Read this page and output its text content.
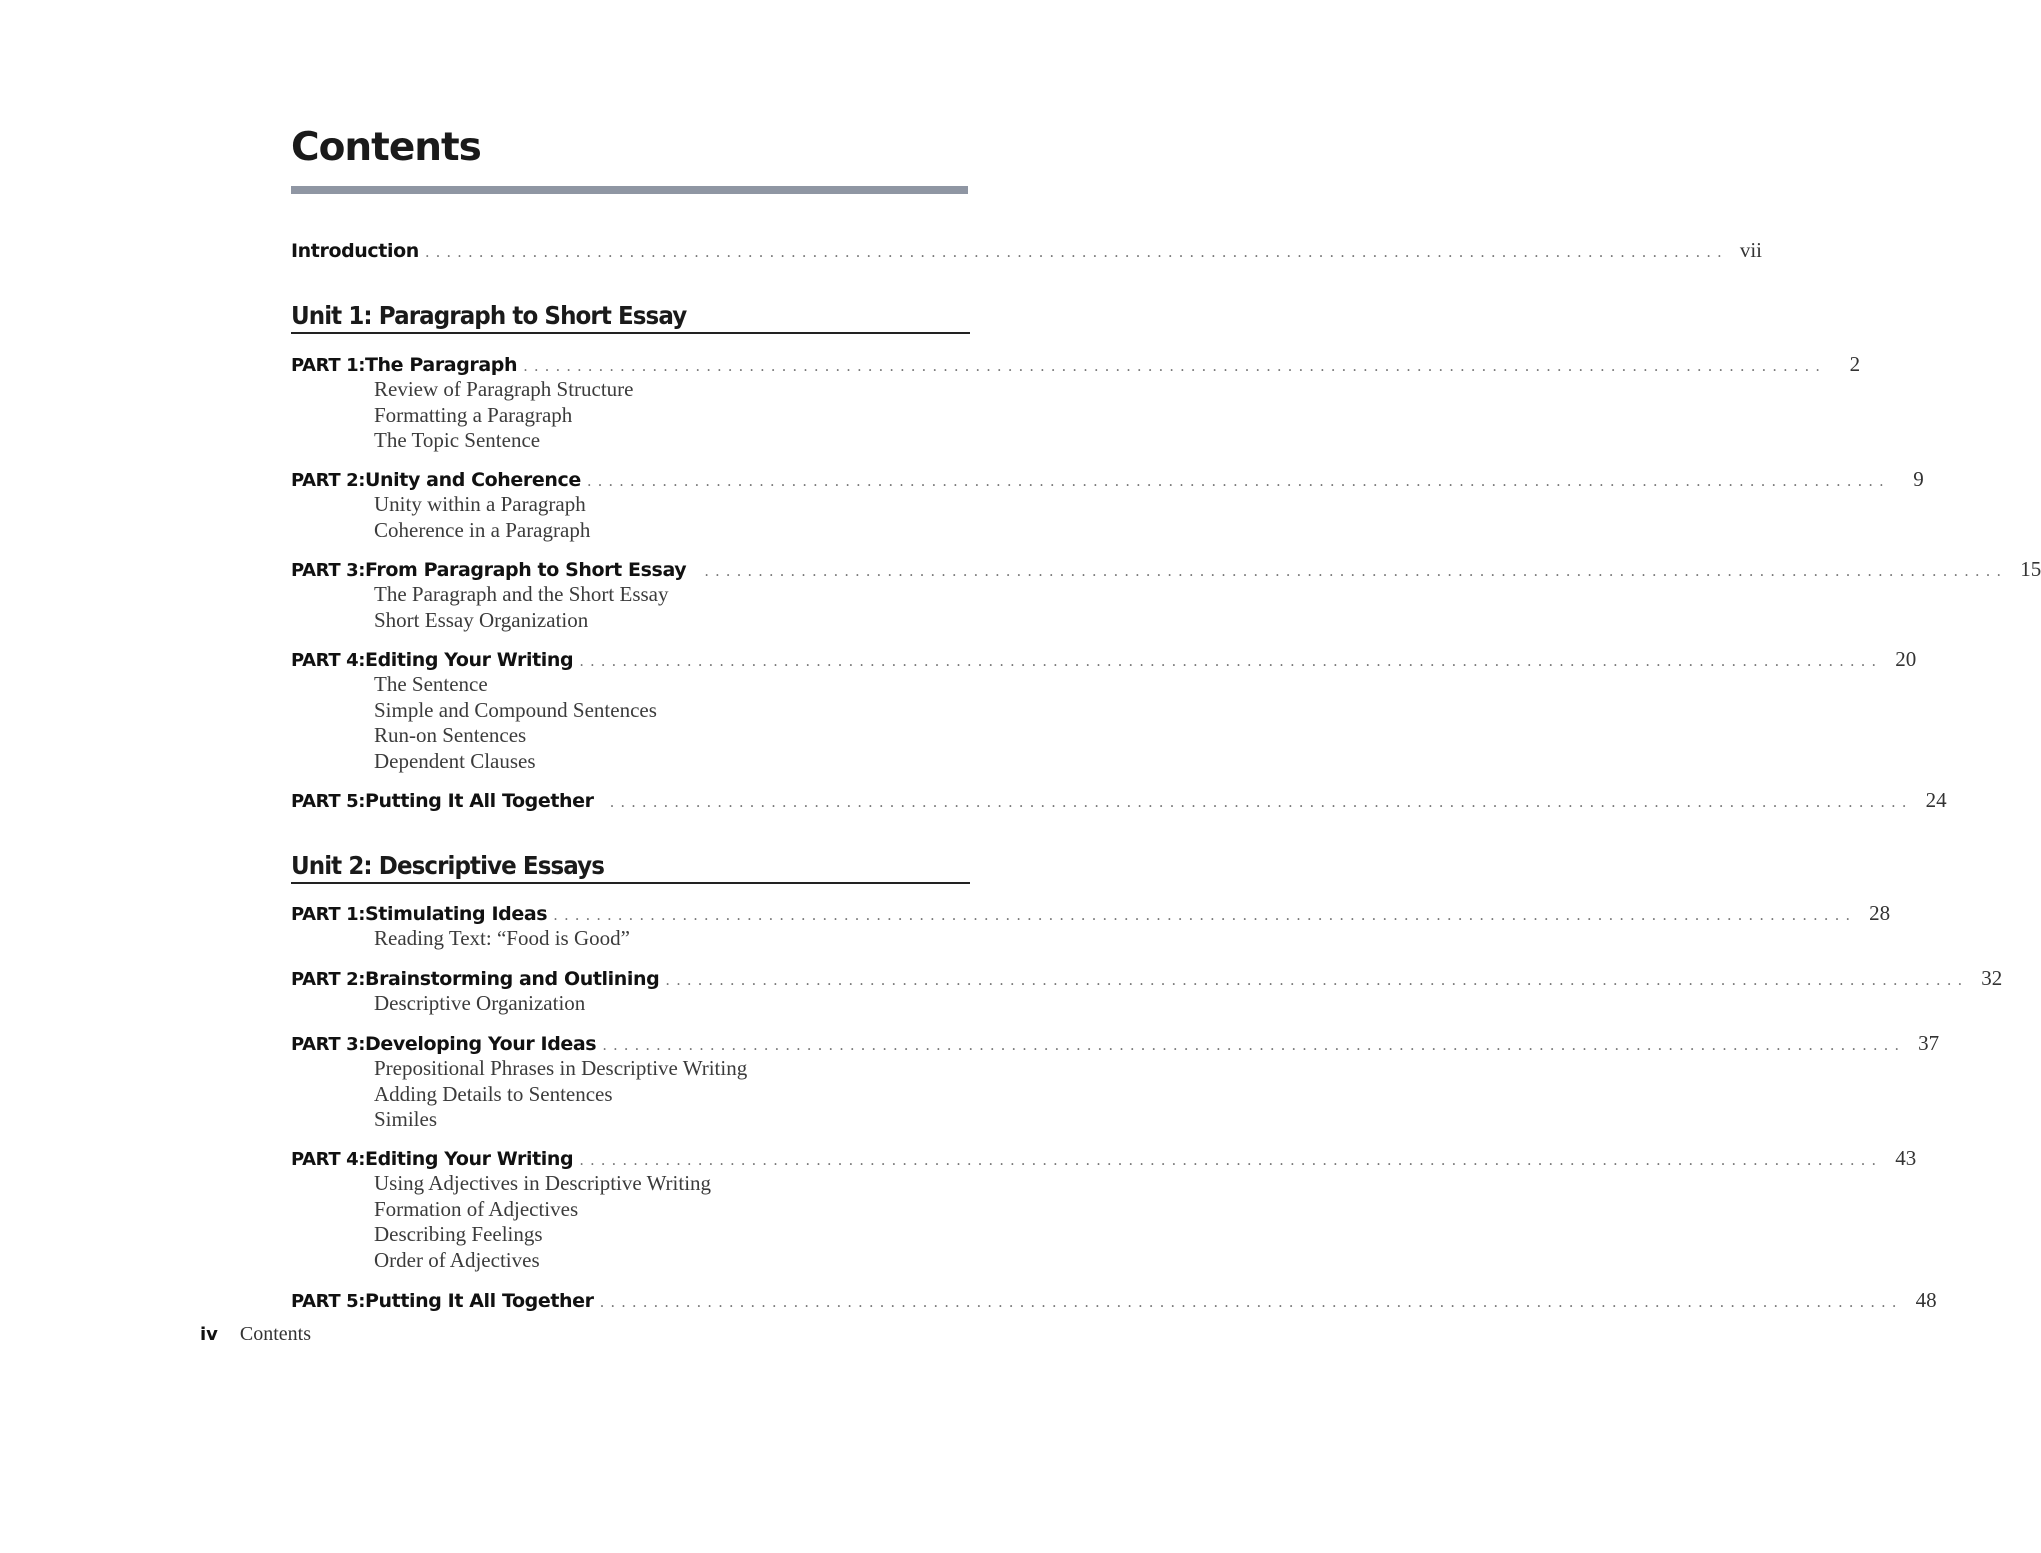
Contents
Introduction ......................................................................................................................... vii
Unit 1: Paragraph to Short Essay
PART 1: The Paragraph .........................................................................................................................	2
Review of Paragraph Structure
Formatting a Paragraph
The Topic Sentence
PART 2: Unity and Coherence .........................................................................................................................	9
Unity within a Paragraph
Coherence in a Paragraph
PART 3: From Paragraph to Short Essay ......................................................................................................................... 15
The Paragraph and the Short Essay
Short Essay Organization
PART 4: Editing Your Writing ......................................................................................................................... 20
The Sentence
Simple and Compound Sentences
Run-on Sentences
Dependent Clauses
PART 5: Putting It All Together ......................................................................................................................... 24
Unit 2: Descriptive Essays
PART 1: Stimulating Ideas ......................................................................................................................... 28
Reading Text: “Food is Good”
PART 2: Brainstorming and Outlining ......................................................................................................................... 32
Descriptive Organization
PART 3: Developing Your Ideas ......................................................................................................................... 37
Prepositional Phrases in Descriptive Writing
Adding Details to Sentences
Similes
PART 4: Editing Your Writing ......................................................................................................................... 43
Using Adjectives in Descriptive Writing
Formation of Adjectives
Describing Feelings
Order of Adjectives
PART 5: Putting It All Together ......................................................................................................................... 48
iv Contents
